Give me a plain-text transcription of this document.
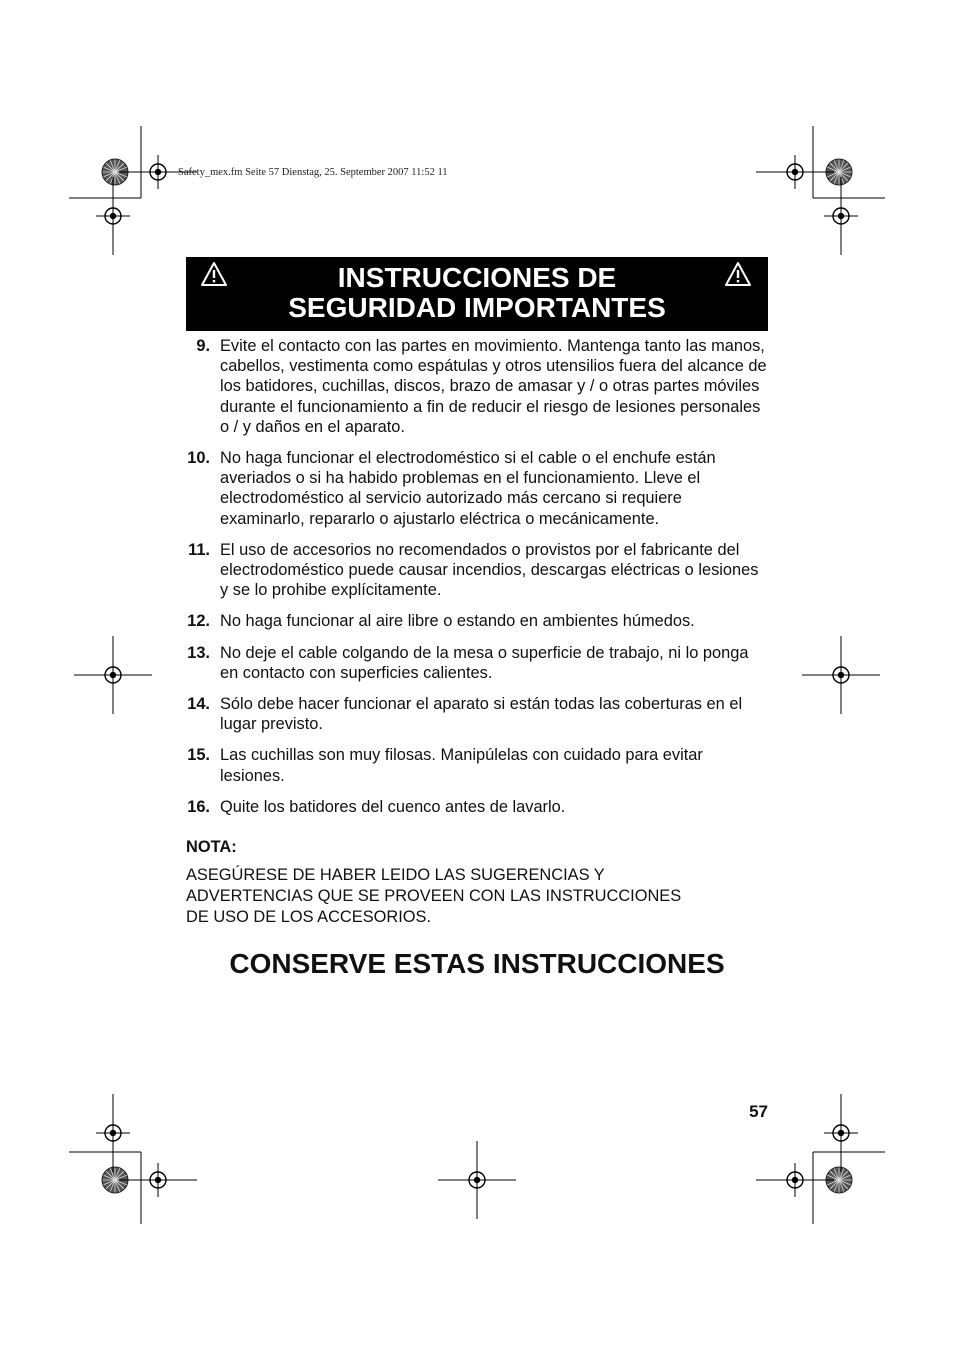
Safety_mex.fm Seite 57 Dienstag, 25. September 2007 11:52 11
INSTRUCCIONES DE
SEGURIDAD IMPORTANTES
9. Evite el contacto con las partes en movimiento. Mantenga tanto las manos, cabellos, vestimenta como espátulas y otros utensilios fuera del alcance de los batidores, cuchillas, discos, brazo de amasar y / o otras partes móviles durante el funcionamiento a fin de reducir el riesgo de lesiones personales o / y daños en el aparato.
10. No haga funcionar el electrodoméstico si el cable o el enchufe están averiados o si ha habido problemas en el funcionamiento. Lleve el electrodoméstico al servicio autorizado más cercano si requiere examinarlo, repararlo o ajustarlo eléctrica o mecánicamente.
11. El uso de accesorios no recomendados o provistos por el fabricante del electrodoméstico puede causar incendios, descargas eléctricas o lesiones y se lo prohibe explícitamente.
12. No haga funcionar al aire libre o estando en ambientes húmedos.
13. No deje el cable colgando de la mesa o superficie de trabajo, ni lo ponga en contacto con superficies calientes.
14. Sólo debe hacer funcionar el aparato si están todas las coberturas en el lugar previsto.
15. Las cuchillas son muy filosas. Manipúlelas con cuidado para evitar lesiones.
16. Quite los batidores del cuenco antes de lavarlo.
NOTA:
ASEGÚRESE DE HABER LEIDO LAS SUGERENCIAS Y ADVERTENCIAS QUE SE PROVEEN CON LAS INSTRUCCIONES DE USO DE LOS ACCESORIOS.
CONSERVE ESTAS INSTRUCCIONES
57
